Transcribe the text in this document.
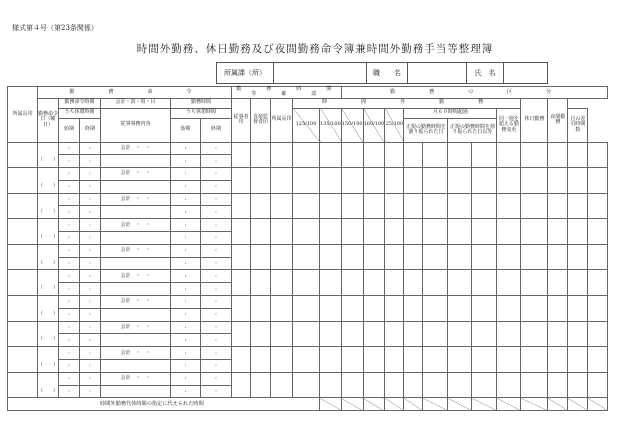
様式第４号（第23条関係）
時間外勤務、休日勤務及び夜間勤務命令簿兼時間外勤務手当等整理簿
所属課（所）	職　　名	氏　名
所属長印	勤　　務　　命　　令						勤　　務　　時　　間　　等　　確　　認					勤　　務　　の　　区　　分											
	勤務命令日（曜日）	勤務命令時間		会計・款・項・目	勤務時間		従事者印	直接監督者印	所属長印	時　　間　　外　　勤　　務										休日勤務	夜間勤務		
		うち休憩時間		従事事務内容	うち休憩時間					125/100	135/100	150/100	160/100	25/100	月６０時間超過				同一週を超える勤務変更			月の差引時間数	
		始期	終期		始期	終期									正規の勤務時間を割り振られた日		正規の勤務時間を割り振られた日以外						
		:	:	会計　・　・	:	:																	
	（　　）	:	:		:	:																	
		:	:	会計　・　・	:	:																	
	（　　）	:	:		:	:																	
		:	:	会計　・　・	:	:																	
	（　　）	:	:		:	:																	
		:	:	会計　・　・	:	:																	
	（　　）	:	:		:	:																	
		:	:	会計　・　・	:	:																	
	（　　）	:	:		:	:																	
		:	:	会計　・　・	:	:																	
	（　　）	:	:		:	:																	
		:	:	会計　・　・	:	:																	
	（　　）	:	:		:	:																	
		:	:	会計　・　・	:	:																	
	（　　）	:	:		:	:																	
		:	:	会計　・　・	:	:																	
	（　　）	:	:		:	:																	
		:	:	会計　・　・	:	:																	
	（　　）	:	:		:	:																	
時間外勤務代休時間の指定に代えられた時間																							
